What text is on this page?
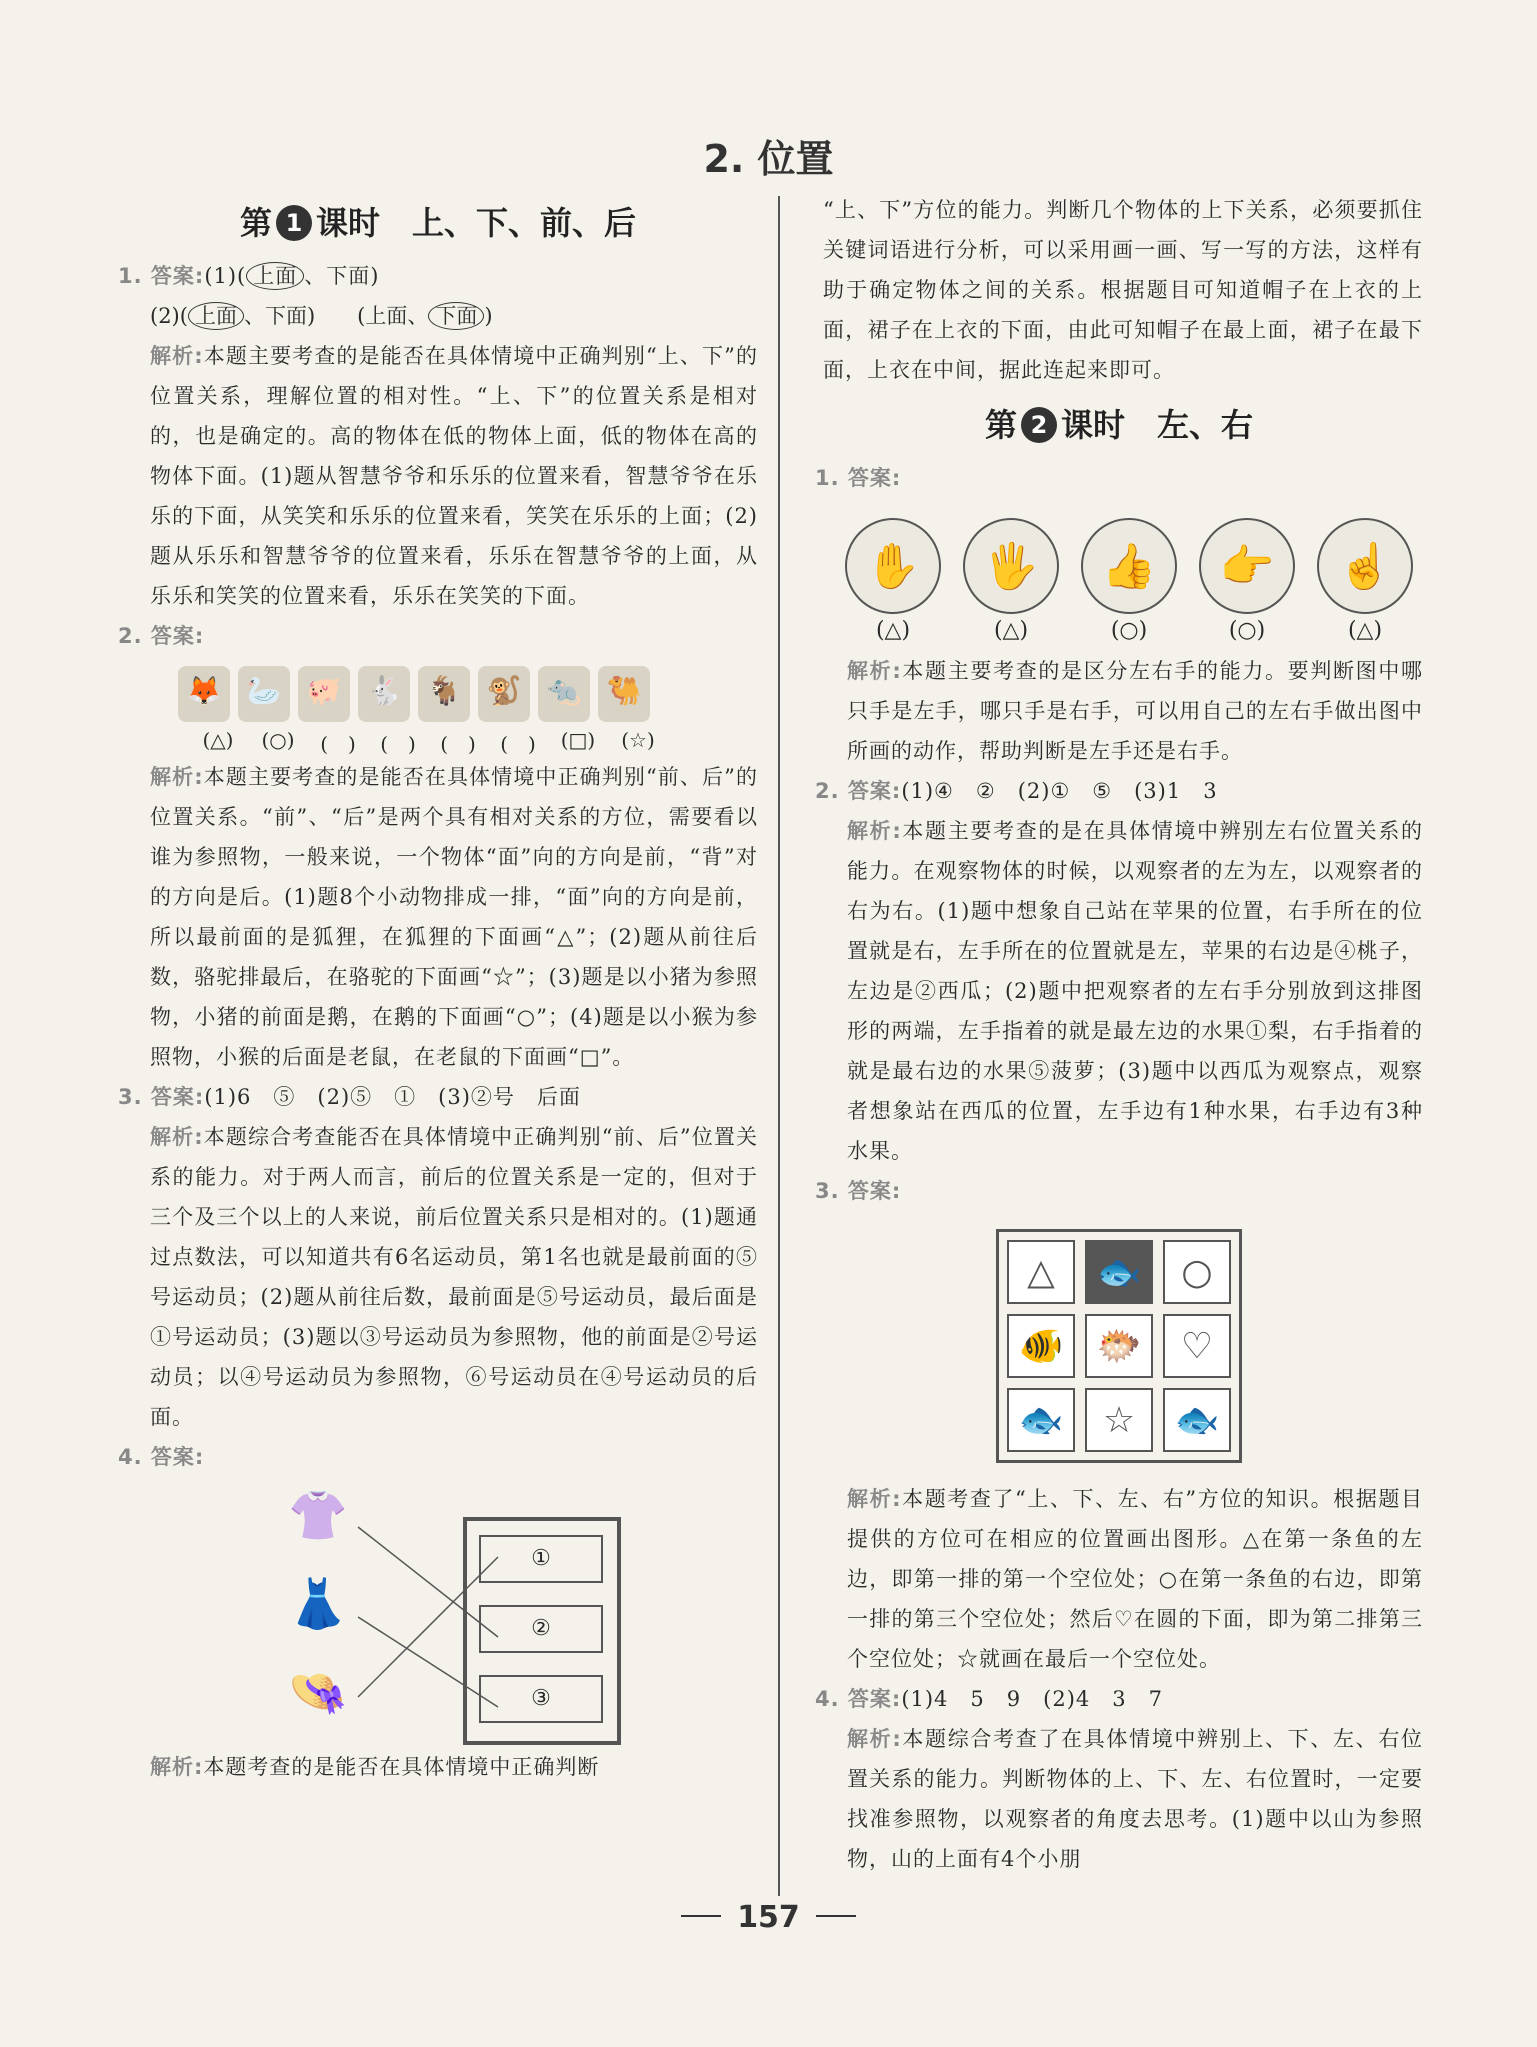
2. 位置
第 1 课时　上、下、前、后

1. 答案:(1)( 上面 、下面)

(2)( 上面 、下面)　　(上面、 下面 )

解析:本题主要考查的是能否在具体情境中正确判别“上、下”的位置关系，理解位置的相对性。“上、下”的位置关系是相对的，也是确定的。高的物体在低的物体上面，低的物体在高的物体下面。(1)题从智慧爷爷和乐乐的位置来看，智慧爷爷在乐乐的下面，从笑笑和乐乐的位置来看，笑笑在乐乐的上面；(2)题从乐乐和智慧爷爷的位置来看，乐乐在智慧爷爷的上面，从乐乐和笑笑的位置来看，乐乐在笑笑的下面。

2. 答案:

🦊 🦢 🐖 🐇 🐐 🐒 🐀 🐫
(△)	(○)	(　)	(　)	(　)	(　)	(□)	(☆)

解析:本题主要考查的是能否在具体情境中正确判别“前、后”的位置关系。“前”、“后”是两个具有相对关系的方位，需要看以谁为参照物，一般来说，一个物体“面”向的方向是前，“背”对的方向是后。(1)题8个小动物排成一排，“面”向的方向是前，所以最前面的是狐狸，在狐狸的下面画“△”；(2)题从前往后数，骆驼排最后，在骆驼的下面画“☆”；(3)题是以小猪为参照物，小猪的前面是鹅，在鹅的下面画“○”；(4)题是以小猴为参照物，小猴的后面是老鼠，在老鼠的下面画“□”。

3. 答案:(1)6　⑤　(2)⑤　①　(3)②号　后面

解析:本题综合考查能否在具体情境中正确判别“前、后”位置关系的能力。对于两人而言，前后的位置关系是一定的，但对于三个及三个以上的人来说，前后位置关系只是相对的。(1)题通过点数法，可以知道共有6名运动员，第1名也就是最前面的⑤号运动员；(2)题从前往后数，最前面是⑤号运动员，最后面是①号运动员；(3)题以③号运动员为参照物，他的前面是②号运动员；以④号运动员为参照物，⑥号运动员在④号运动员的后面。

4. 答案:

👚
👗
👒
①
②
③

解析:本题考查的是能否在具体情境中正确判断

“上、下”方位的能力。判断几个物体的上下关系，必须要抓住关键词语进行分析，可以采用画一画、写一写的方法，这样有助于确定物体之间的关系。根据题目可知道帽子在上衣的上面，裙子在上衣的下面，由此可知帽子在最上面，裙子在最下面，上衣在中间，据此连起来即可。

第 2 课时　左、右

1. 答案:

✋	🖐	👍	👉	☝
(△)	(△)	(○)	(○)	(△)

解析:本题主要考查的是区分左右手的能力。要判断图中哪只手是左手，哪只手是右手，可以用自己的左右手做出图中所画的动作，帮助判断是左手还是右手。

2. 答案:(1)④　②　(2)①　⑤　(3)1　3

解析:本题主要考查的是在具体情境中辨别左右位置关系的能力。在观察物体的时候，以观察者的左为左，以观察者的右为右。(1)题中想象自己站在苹果的位置，右手所在的位置就是右，左手所在的位置就是左，苹果的右边是④桃子，左边是②西瓜；(2)题中把观察者的左右手分别放到这排图形的两端，左手指着的就是最左边的水果①梨，右手指着的就是最右边的水果⑤菠萝；(3)题中以西瓜为观察点，观察者想象站在西瓜的位置，左手边有1种水果，右手边有3种水果。

3. 答案:

△	🐟	○
🐠 🐡	♡
🐟	☆	🐟

解析:本题考查了“上、下、左、右”方位的知识。根据题目提供的方位可在相应的位置画出图形。△在第一条鱼的左边，即第一排的第一个空位处；○在第一条鱼的右边，即第一排的第三个空位处；然后♡在圆的下面，即为第二排第三个空位处；☆就画在最后一个空位处。

4. 答案:(1)4　5　9　(2)4　3　7

解析:本题综合考查了在具体情境中辨别上、下、左、右位置关系的能力。判断物体的上、下、左、右位置时，一定要找准参照物，以观察者的角度去思考。(1)题中以山为参照物，山的上面有4个小朋

157
